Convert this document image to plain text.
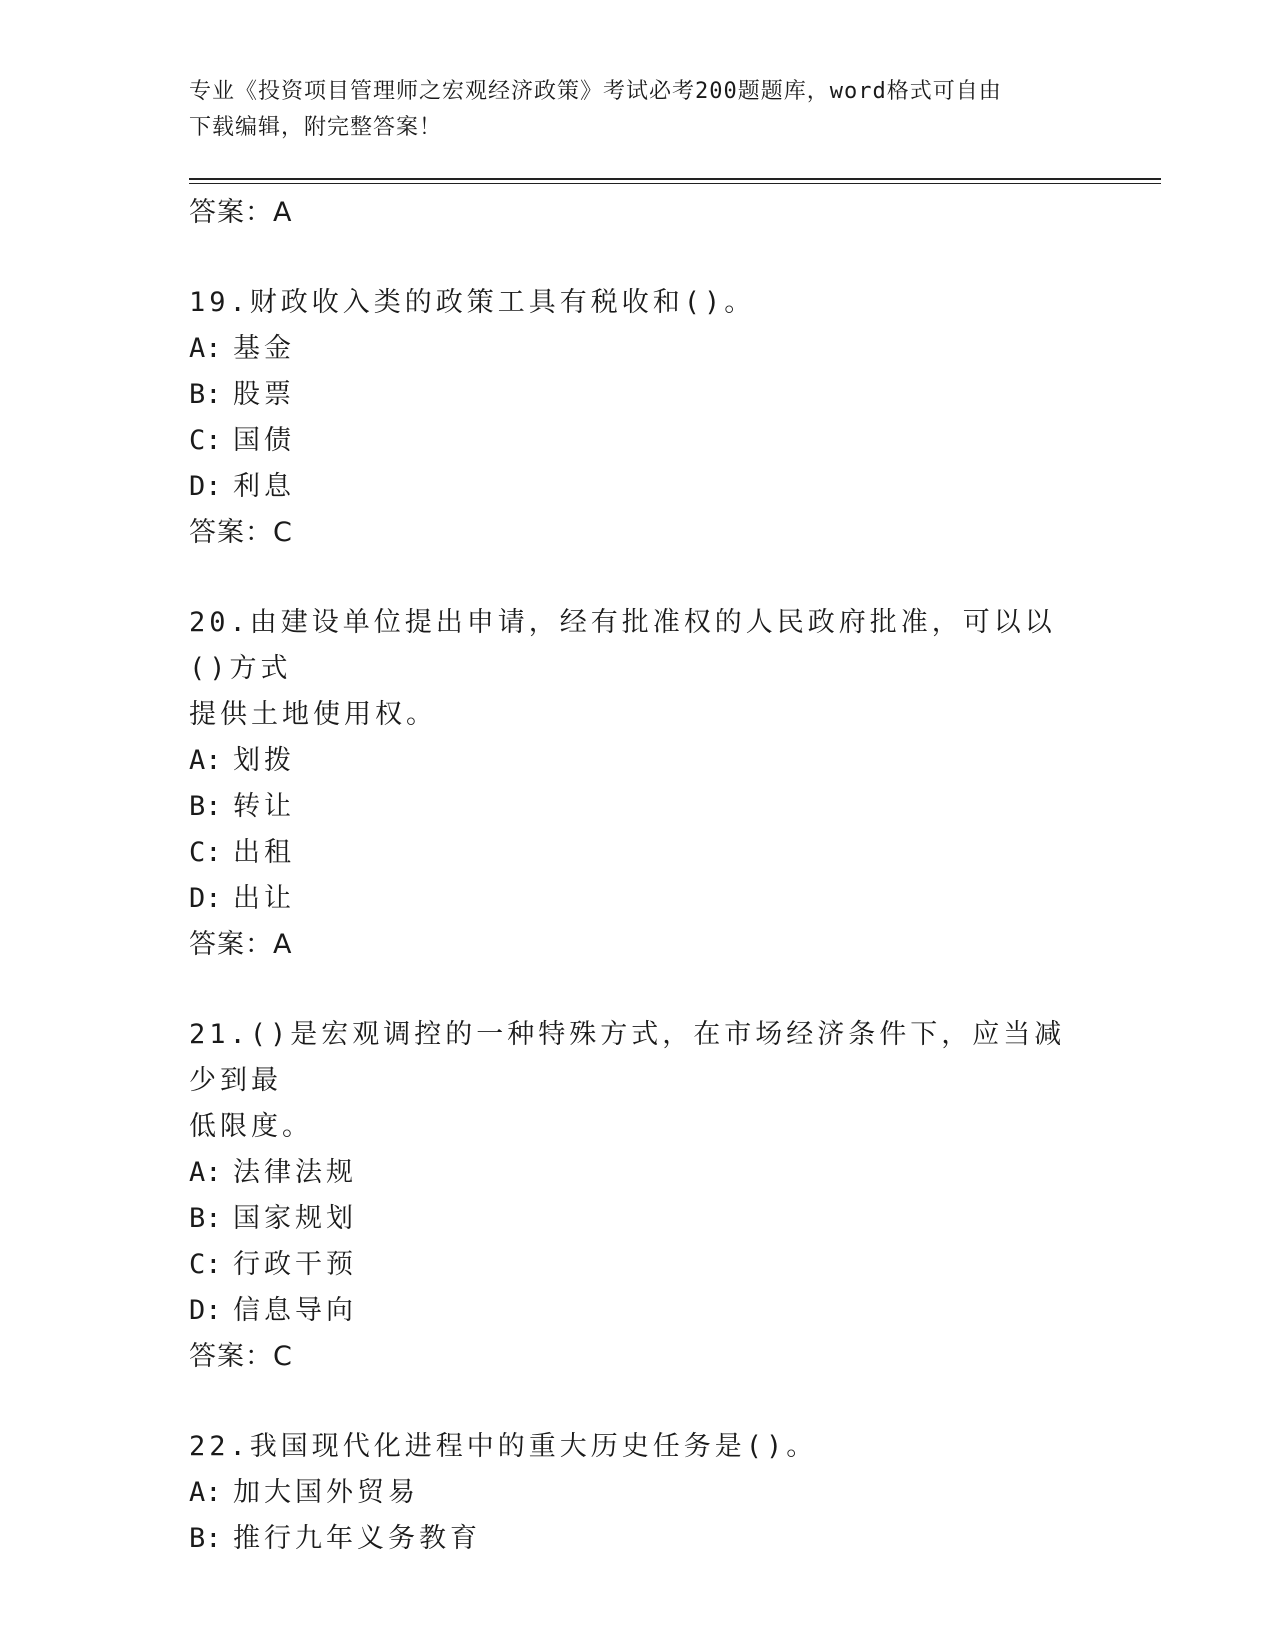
专业《投资项目管理师之宏观经济政策》考试必考200题题库，word格式可自由
下载编辑，附完整答案！
答案：A
19.财政收入类的政策工具有税收和()。
A: 基金
B: 股票
C: 国债
D: 利息
答案：C
20.由建设单位提出申请，经有批准权的人民政府批准，可以以()方式
提供土地使用权。
A: 划拨
B: 转让
C: 出租
D: 出让
答案：A
21.()是宏观调控的一种特殊方式，在市场经济条件下，应当减少到最
低限度。
A: 法律法规
B: 国家规划
C: 行政干预
D: 信息导向
答案：C
22.我国现代化进程中的重大历史任务是()。
A: 加大国外贸易
B: 推行九年义务教育
